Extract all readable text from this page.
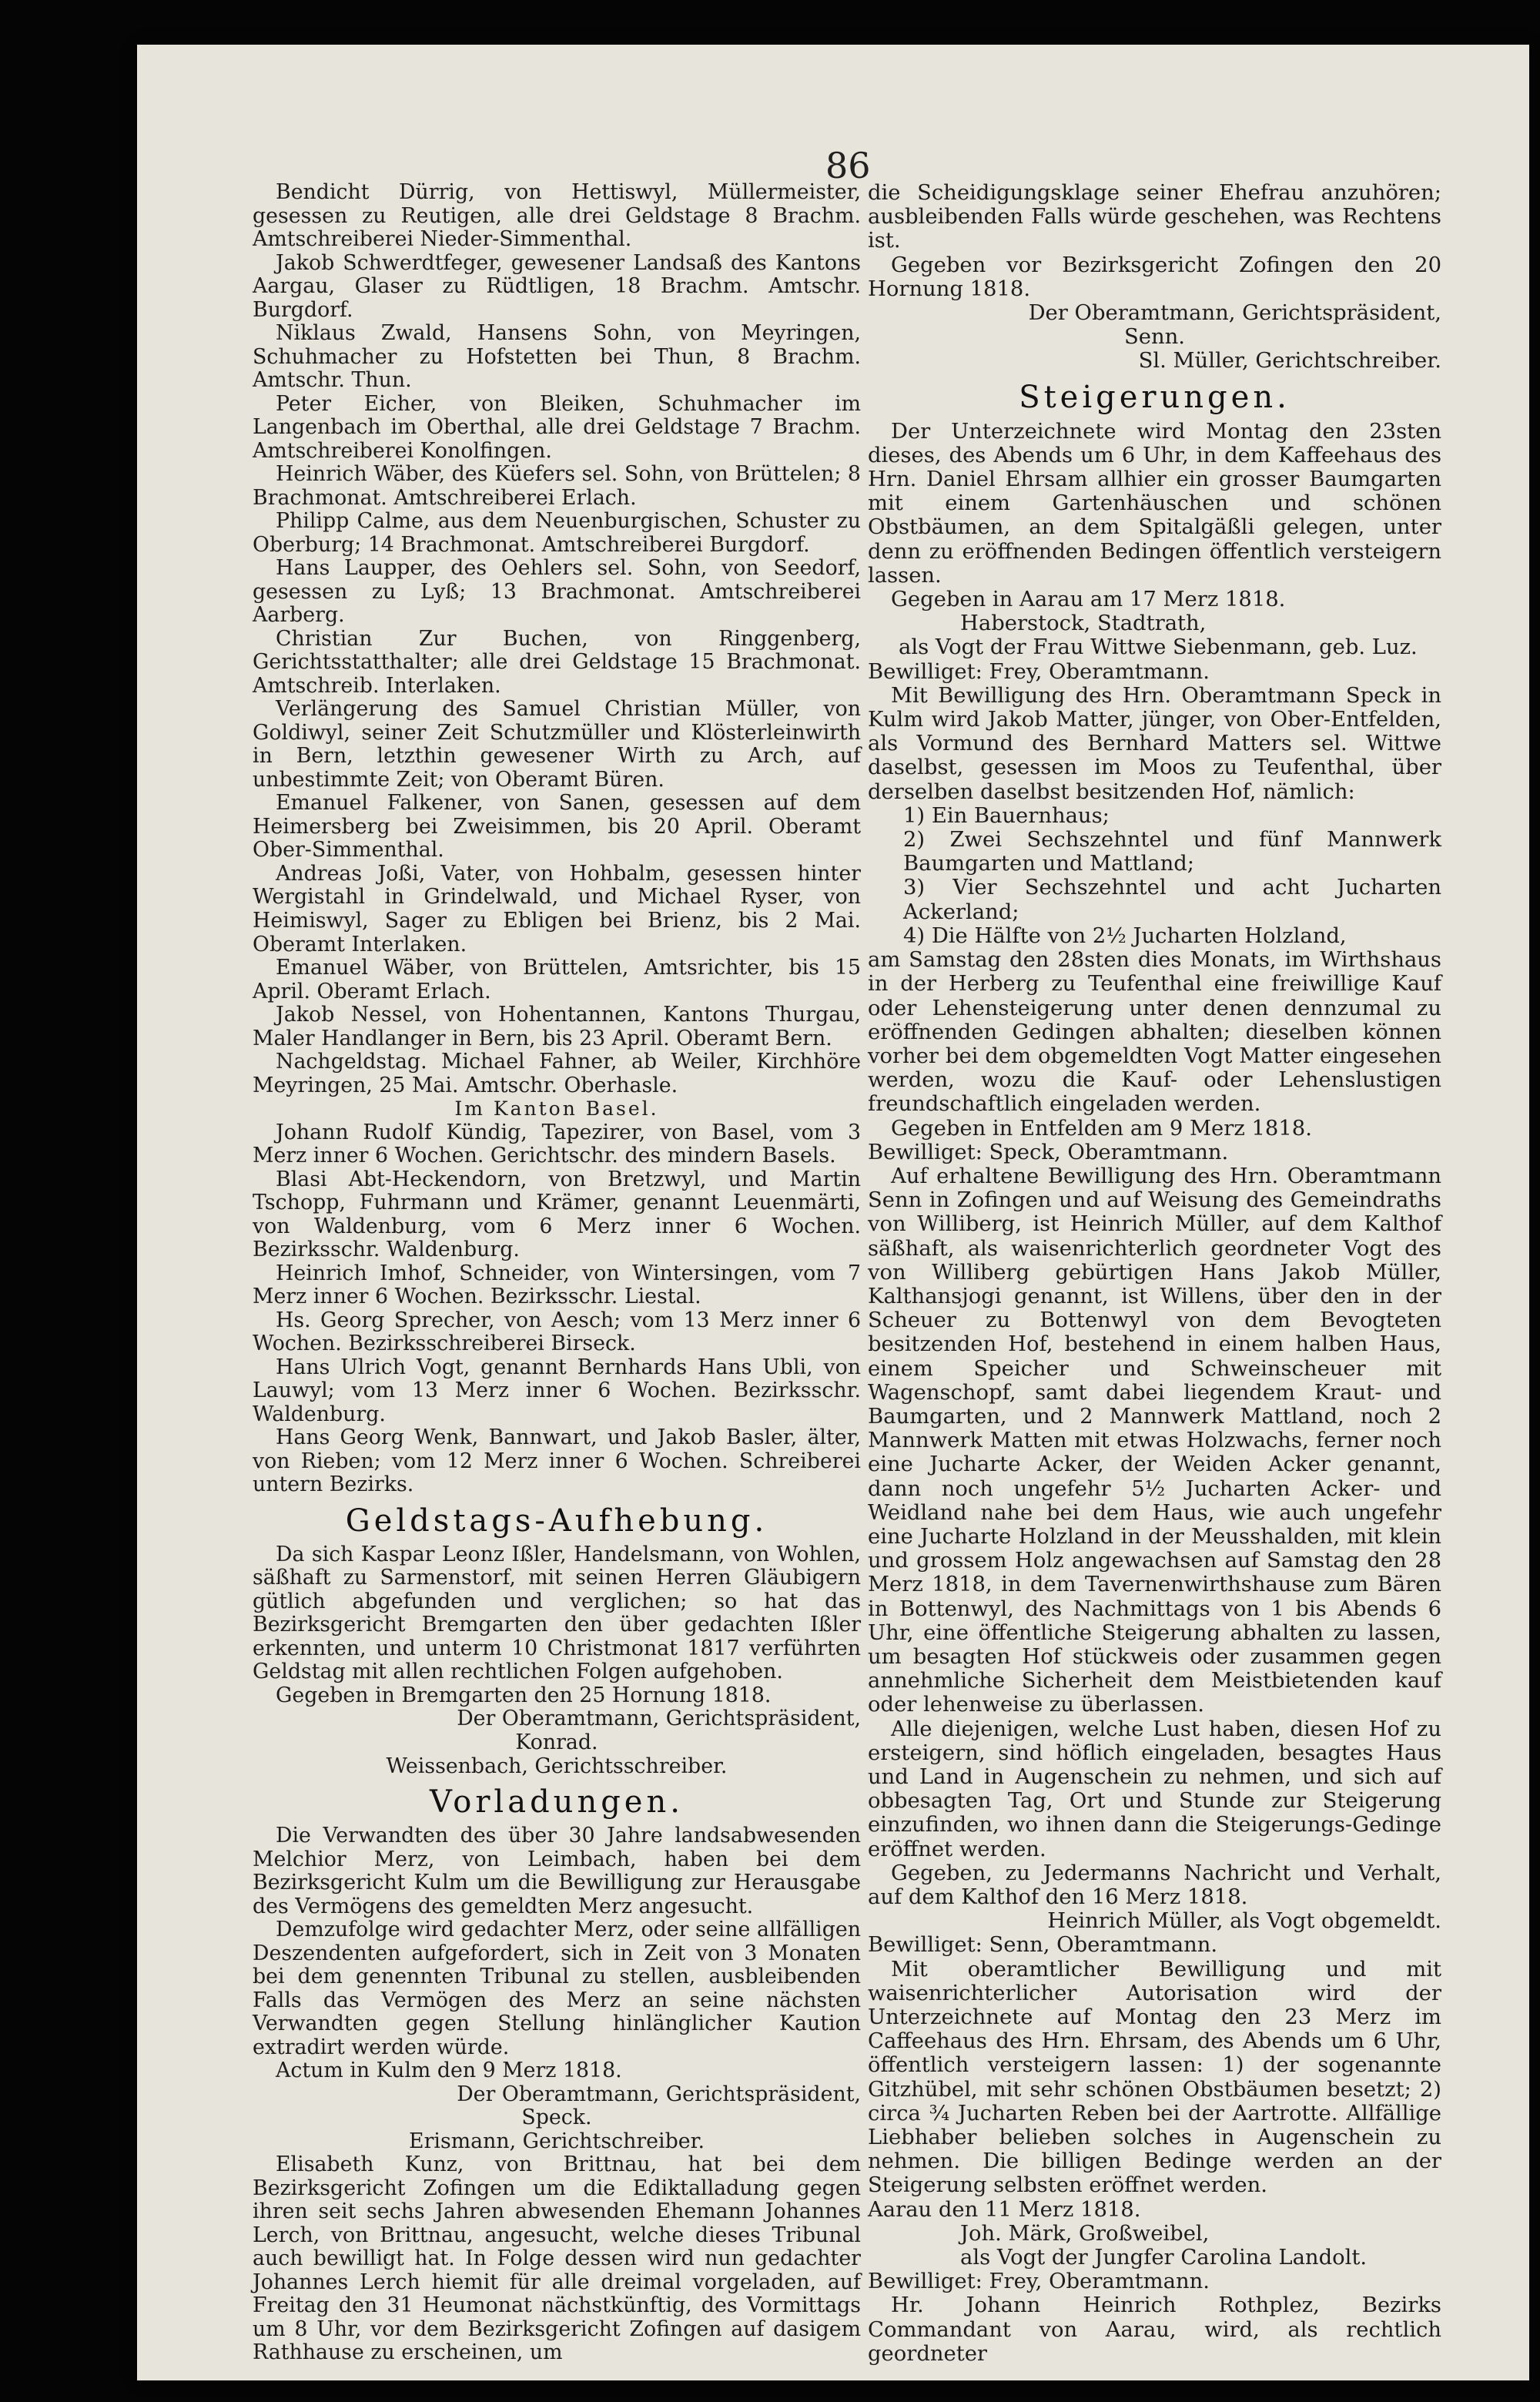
86

Bendicht Dürrig, von Hettiswyl, Müllermeister, gesessen zu Reutigen, alle drei Geldstage 8 Brachm. Amtschreiberei Nieder-Simmenthal.

Jakob Schwerdtfeger, gewesener Landsaß des Kantons Aargau, Glaser zu Rüdtligen, 18 Brachm. Amtschr. Burgdorf.

Niklaus Zwald, Hansens Sohn, von Meyringen, Schuhmacher zu Hofstetten bei Thun, 8 Brachm. Amtschr. Thun.

Peter Eicher, von Bleiken, Schuhmacher im Langenbach im Oberthal, alle drei Geldstage 7 Brachm. Amtschreiberei Konolfingen.

Heinrich Wäber, des Küefers sel. Sohn, von Brüttelen; 8 Brachmonat. Amtschreiberei Erlach.

Philipp Calme, aus dem Neuenburgischen, Schuster zu Oberburg; 14 Brachmonat. Amtschreiberei Burgdorf.

Hans Laupper, des Oehlers sel. Sohn, von Seedorf, gesessen zu Lyß; 13 Brachmonat. Amtschreiberei Aarberg.

Christian Zur Buchen, von Ringgenberg, Gerichtsstatthalter; alle drei Geldstage 15 Brachmonat. Amtschreib. Interlaken.

Verlängerung des Samuel Christian Müller, von Goldiwyl, seiner Zeit Schutzmüller und Klösterleinwirth in Bern, letzthin gewesener Wirth zu Arch, auf unbestimmte Zeit; von Oberamt Büren.

Emanuel Falkener, von Sanen, gesessen auf dem Heimersberg bei Zweisimmen, bis 20 April. Oberamt Ober-Simmenthal.

Andreas Joßi, Vater, von Hohbalm, gesessen hinter Wergistahl in Grindelwald, und Michael Ryser, von Heimiswyl, Sager zu Ebligen bei Brienz, bis 2 Mai. Oberamt Interlaken.

Emanuel Wäber, von Brüttelen, Amtsrichter, bis 15 April. Oberamt Erlach.

Jakob Nessel, von Hohentannen, Kantons Thurgau, Maler Handlanger in Bern, bis 23 April. Oberamt Bern.

Nachgeldstag. Michael Fahner, ab Weiler, Kirchhöre Meyringen, 25 Mai. Amtschr. Oberhasle.

Im Kanton Basel.

Johann Rudolf Kündig, Tapezirer, von Basel, vom 3 Merz inner 6 Wochen. Gerichtschr. des mindern Basels.

Blasi Abt-Heckendorn, von Bretzwyl, und Martin Tschopp, Fuhrmann und Krämer, genannt Leuenmärti, von Waldenburg, vom 6 Merz inner 6 Wochen. Bezirksschr. Waldenburg.

Heinrich Imhof, Schneider, von Wintersingen, vom 7 Merz inner 6 Wochen. Bezirksschr. Liestal.

Hs. Georg Sprecher, von Aesch; vom 13 Merz inner 6 Wochen. Bezirksschreiberei Birseck.

Hans Ulrich Vogt, genannt Bernhards Hans Ubli, von Lauwyl; vom 13 Merz inner 6 Wochen. Bezirksschr. Waldenburg.

Hans Georg Wenk, Bannwart, und Jakob Basler, älter, von Rieben; vom 12 Merz inner 6 Wochen. Schreiberei untern Bezirks.

Geldstags-Aufhebung.

Da sich Kaspar Leonz Ißler, Handelsmann, von Wohlen, säßhaft zu Sarmenstorf, mit seinen Herren Gläubigern gütlich abgefunden und verglichen; so hat das Bezirksgericht Bremgarten den über gedachten Ißler erkennten, und unterm 10 Christmonat 1817 verführten Geldstag mit allen rechtlichen Folgen aufgehoben.

Gegeben in Bremgarten den 25 Hornung 1818.

Der Oberamtmann, Gerichtspräsident,

Konrad.

Weissenbach, Gerichtsschreiber.

Vorladungen.

Die Verwandten des über 30 Jahre landsabwesenden Melchior Merz, von Leimbach, haben bei dem Bezirksgericht Kulm um die Bewilligung zur Herausgabe des Vermögens des gemeldten Merz angesucht.

Demzufolge wird gedachter Merz, oder seine allfälligen Deszendenten aufgefordert, sich in Zeit von 3 Monaten bei dem genennten Tribunal zu stellen, ausbleibenden Falls das Vermögen des Merz an seine nächsten Verwandten gegen Stellung hinlänglicher Kaution extradirt werden würde.

Actum in Kulm den 9 Merz 1818.

Der Oberamtmann, Gerichtspräsident,

Speck.

Erismann, Gerichtschreiber.

Elisabeth Kunz, von Brittnau, hat bei dem Bezirksgericht Zofingen um die Ediktalladung gegen ihren seit sechs Jahren abwesenden Ehemann Johannes Lerch, von Brittnau, angesucht, welche dieses Tribunal auch bewilligt hat. In Folge dessen wird nun gedachter Johannes Lerch hiemit für alle dreimal vorgeladen, auf Freitag den 31 Heumonat nächstkünftig, des Vormittags um 8 Uhr, vor dem Bezirksgericht Zofingen auf dasigem Rathhause zu erscheinen, um

die Scheidigungsklage seiner Ehefrau anzuhören; ausbleibenden Falls würde geschehen, was Rechtens ist.

Gegeben vor Bezirksgericht Zofingen den 20 Hornung 1818.

Der Oberamtmann, Gerichtspräsident,

Senn.

Sl. Müller, Gerichtschreiber.

Steigerungen.

Der Unterzeichnete wird Montag den 23sten dieses, des Abends um 6 Uhr, in dem Kaffeehaus des Hrn. Daniel Ehrsam allhier ein grosser Baumgarten mit einem Gartenhäuschen und schönen Obstbäumen, an dem Spitalgäßli gelegen, unter denn zu eröffnenden Bedingen öffentlich versteigern lassen.

Gegeben in Aarau am 17 Merz 1818.

Haberstock, Stadtrath,

als Vogt der Frau Wittwe Siebenmann, geb. Luz.

Bewilliget: Frey, Oberamtmann.

Mit Bewilligung des Hrn. Oberamtmann Speck in Kulm wird Jakob Matter, jünger, von Ober-Entfelden, als Vormund des Bernhard Matters sel. Wittwe daselbst, gesessen im Moos zu Teufenthal, über derselben daselbst besitzenden Hof, nämlich:

1) Ein Bauernhaus;

2) Zwei Sechszehntel und fünf Mannwerk Baumgarten und Mattland;

3) Vier Sechszehntel und acht Jucharten Ackerland;

4) Die Hälfte von 2½ Jucharten Holzland,

am Samstag den 28sten dies Monats, im Wirthshaus in der Herberg zu Teufenthal eine freiwillige Kauf oder Lehensteigerung unter denen dennzumal zu eröffnenden Gedingen abhalten; dieselben können vorher bei dem obgemeldten Vogt Matter eingesehen werden, wozu die Kauf- oder Lehenslustigen freundschaftlich eingeladen werden.

Gegeben in Entfelden am 9 Merz 1818.

Bewilliget: Speck, Oberamtmann.

Auf erhaltene Bewilligung des Hrn. Oberamtmann Senn in Zofingen und auf Weisung des Gemeindraths von Williberg, ist Heinrich Müller, auf dem Kalthof säßhaft, als waisenrichterlich geordneter Vogt des von Williberg gebürtigen Hans Jakob Müller, Kalthansjogi genannt, ist Willens, über den in der Scheuer zu Bottenwyl von dem Bevogteten besitzenden Hof, bestehend in einem halben Haus, einem Speicher und Schweinscheuer mit Wagenschopf, samt dabei liegendem Kraut- und Baumgarten, und 2 Mannwerk Mattland, noch 2 Mannwerk Matten mit etwas Holzwachs, ferner noch eine Jucharte Acker, der Weiden Acker genannt, dann noch ungefehr 5½ Jucharten Acker- und Weidland nahe bei dem Haus, wie auch ungefehr eine Jucharte Holzland in der Meusshalden, mit klein und grossem Holz angewachsen auf Samstag den 28 Merz 1818, in dem Tavernenwirthshause zum Bären in Bottenwyl, des Nachmittags von 1 bis Abends 6 Uhr, eine öffentliche Steigerung abhalten zu lassen, um besagten Hof stückweis oder zusammen gegen annehmliche Sicherheit dem Meistbietenden kauf oder lehenweise zu überlassen.

Alle diejenigen, welche Lust haben, diesen Hof zu ersteigern, sind höflich eingeladen, besagtes Haus und Land in Augenschein zu nehmen, und sich auf obbesagten Tag, Ort und Stunde zur Steigerung einzufinden, wo ihnen dann die Steigerungs-Gedinge eröffnet werden.

Gegeben, zu Jedermanns Nachricht und Verhalt, auf dem Kalthof den 16 Merz 1818.

Heinrich Müller, als Vogt obgemeldt.

Bewilliget: Senn, Oberamtmann.

Mit oberamtlicher Bewilligung und mit waisenrichterlicher Autorisation wird der Unterzeichnete auf Montag den 23 Merz im Caffeehaus des Hrn. Ehrsam, des Abends um 6 Uhr, öffentlich versteigern lassen: 1) der sogenannte Gitzhübel, mit sehr schönen Obstbäumen besetzt; 2) circa ¾ Jucharten Reben bei der Aartrotte. Allfällige Liebhaber belieben solches in Augenschein zu nehmen. Die billigen Bedinge werden an der Steigerung selbsten eröffnet werden.

Aarau den 11 Merz 1818.

Joh. Märk, Großweibel,

als Vogt der Jungfer Carolina Landolt.

Bewilliget: Frey, Oberamtmann.

Hr. Johann Heinrich Rothplez, Bezirks Commandant von Aarau, wird, als rechtlich geordneter
